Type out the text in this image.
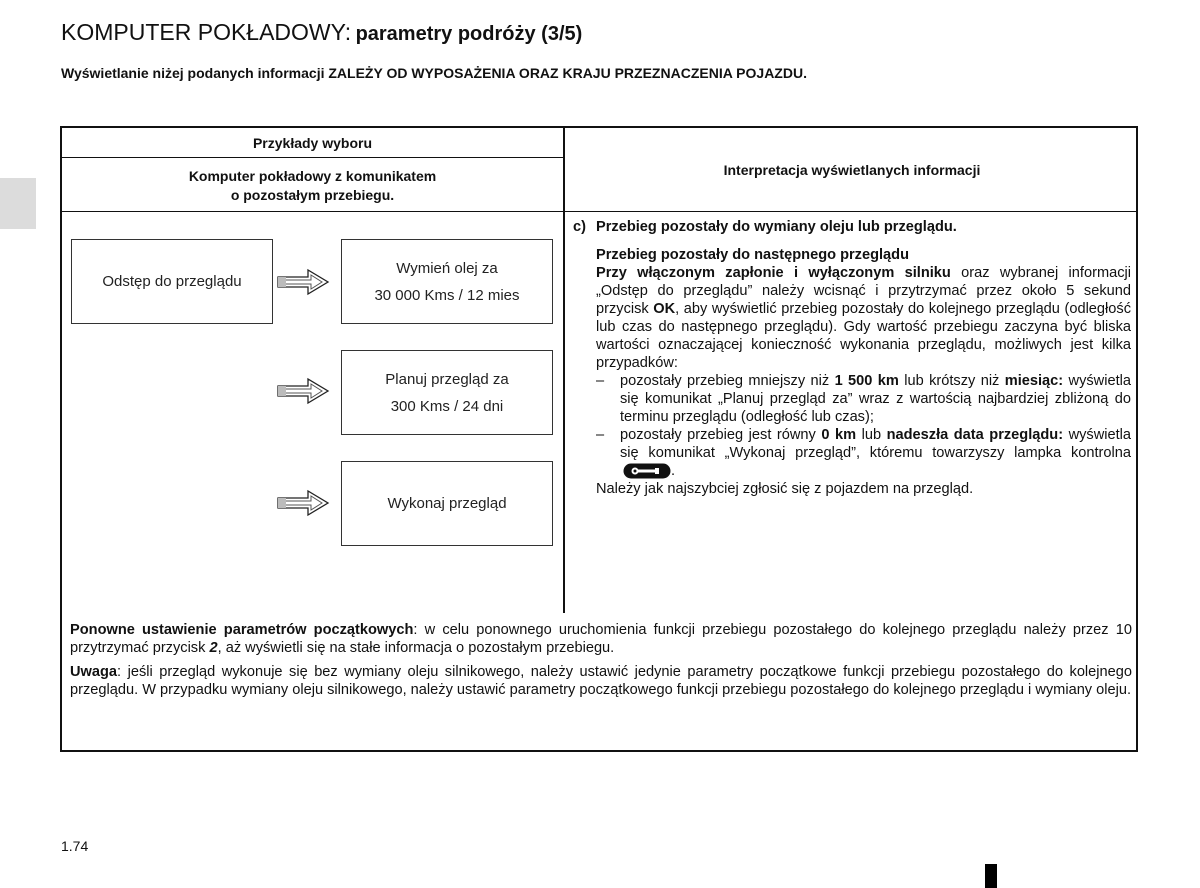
KOMPUTER POKŁADOWY: parametry podróży (3/5)
Wyświetlanie niżej podanych informacji ZALEŻY OD WYPOSAŻENIA ORAZ KRAJU PRZEZNACZENIA POJAZDU.
Przykłady wyboru
Komputer pokładowy z komunikatem
o pozostałym przebiegu.
Interpretacja wyświetlanych informacji
Odstęp do przeglądu
Wymień olej za
30 000 Kms / 12 mies
Planuj przegląd za
300 Kms / 24 dni
Wykonaj przegląd
c) Przebieg pozostały do wymiany oleju lub przeglądu.

Przebieg pozostały do następnego przeglądu

Przy włączonym zapłonie i wyłączonym silniku oraz wybranej informacji „Odstęp do przeglądu” należy wcisnąć i przytrzymać przez około 5 sekund przycisk OK, aby wyświetlić przebieg pozostały do kolejnego przeglądu (odległość lub czas do następnego przeglądu). Gdy wartość przebiegu zaczyna być bliska wartości oznaczającej konieczność wykonania przeglądu, możliwych jest kilka przypadków:

–	pozostały przebieg mniejszy niż 1 500 km lub krótszy niż miesiąc: wyświetla się komunikat „Planuj przegląd za” wraz z wartością najbardziej zbliżoną do terminu przeglądu (odległość lub czas);
–	pozostały przebieg jest równy 0 km lub nadeszła data przeglądu: wyświetla się komunikat „Wykonaj przegląd”, któremu towarzyszy lampka kontrolna .

Należy jak najszybciej zgłosić się z pojazdem na przegląd.

Ponowne ustawienie parametrów początkowych: w celu ponownego uruchomienia funkcji przebiegu pozostałego do kolejnego przeglądu należy przez 10 przytrzymać przycisk 2, aż wyświetli się na stałe informacja o pozostałym przebiegu.

Uwaga: jeśli przegląd wykonuje się bez wymiany oleju silnikowego, należy ustawić jedynie parametry początkowe funkcji przebiegu pozostałego do kolejnego przeglądu. W przypadku wymiany oleju silnikowego, należy ustawić parametry początkowego funkcji przebiegu pozostałego do kolejnego przeglądu i wymiany oleju.

1.74
